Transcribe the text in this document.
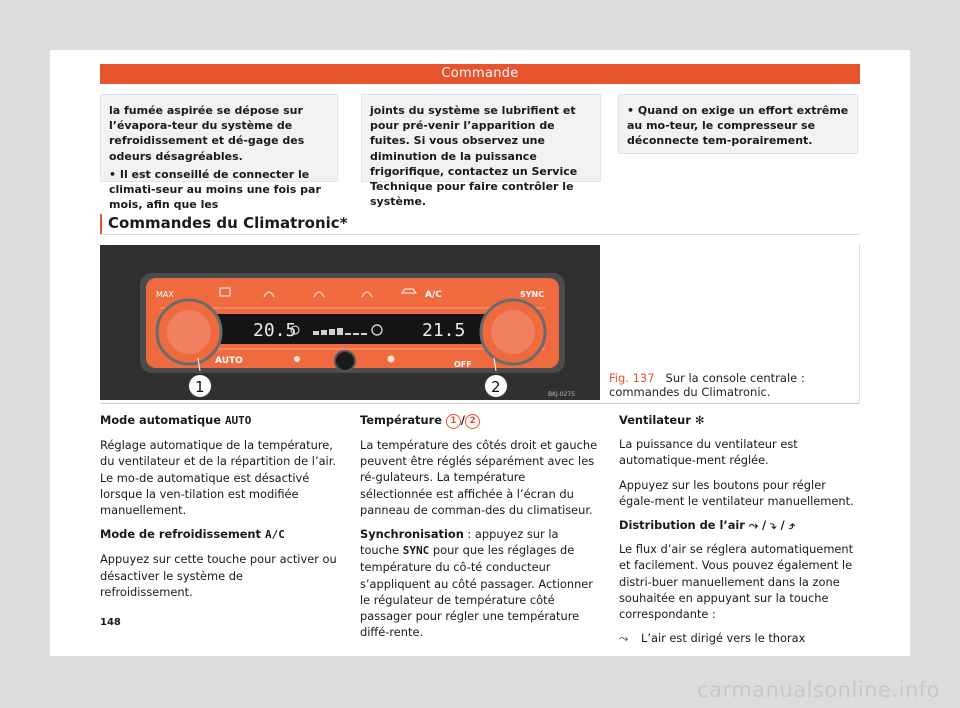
Commande

la fumée aspirée se dépose sur l’évapora-teur du système de refroidissement et dé-gage des odeurs désagréables.

• Il est conseillé de connecter le climati-seur au moins une fois par mois, afin que les

joints du système se lubrifient et pour pré-venir l’apparition de fuites. Si vous observez une diminution de la puissance frigorifique, contactez un Service Technique pour faire contrôler le système.

• Quand on exige un effort extrême au mo-teur, le compresseur se déconnecte tem-porairement.

Commandes du Climatronic*
20.5	21.5
MAX	A/C	SYNC
AUTO	OFF
1	2	BKJ-0275
Fig. 137 Sur la console centrale : commandes du Climatronic.

Mode automatique AUTO

Réglage automatique de la température, du ventilateur et de la répartition de l’air. Le mo-de automatique est désactivé lorsque la ven-tilation est modifiée manuellement.

Mode de refroidissement A/C

Appuyez sur cette touche pour activer ou désactiver le système de refroidissement.

Température 1 / 2

La température des côtés droit et gauche peuvent être réglés séparément avec les ré-gulateurs. La température sélectionnée est affichée à l’écran du panneau de comman-des du climatiseur.

Synchronisation : appuyez sur la touche SYNC pour que les réglages de température du cô-té conducteur s’appliquent au côté passager. Actionner le régulateur de température côté passager pour régler une température diffé-rente.

Ventilateur ✻

La puissance du ventilateur est automatique-ment réglée.

Appuyez sur les boutons pour régler égale-ment le ventilateur manuellement.

Distribution de l’air ⤳ / ⤵ / ⤴

Le flux d’air se réglera automatiquement et facilement. Vous pouvez également le distri-buer manuellement dans la zone souhaitée en appuyant sur la touche correspondante :

⤳ L’air est dirigé vers le thorax

148
carmanualsonline.info
